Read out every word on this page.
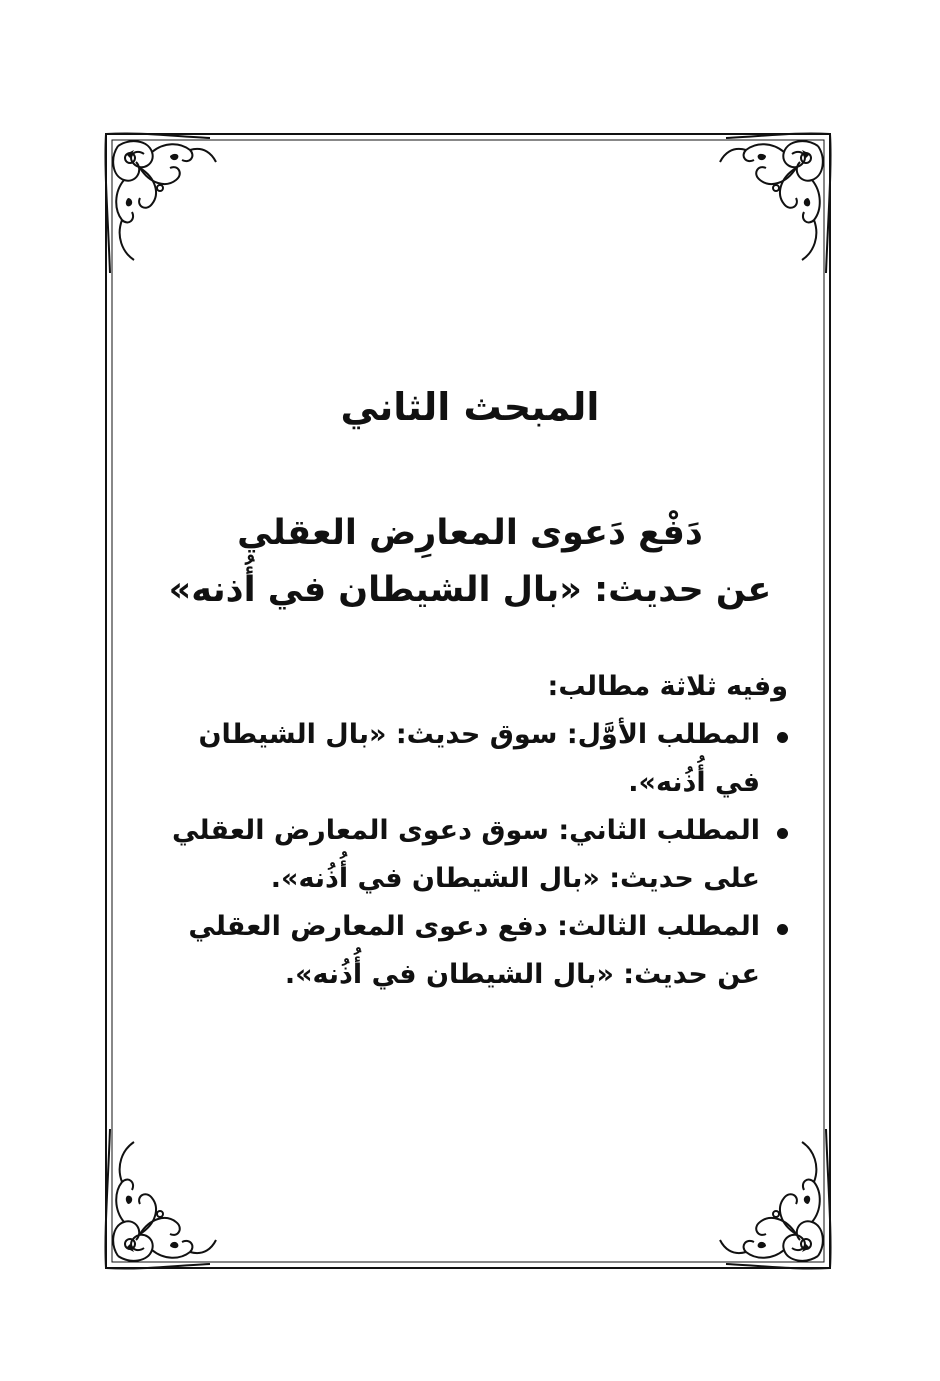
المبحث الثاني
دَفْع دَعوى المعارِض العقلي
عن حديث: «بال الشيطان في أُذنه»

وفيه ثلاثة مطالب:

المطلب الأوَّل: سوق حديث: «بال الشيطان في أُذُنه».

المطلب الثاني: سوق دعوى المعارض العقلي على حديث: «بال الشيطان في أُذُنه».

المطلب الثالث: دفع دعوى المعارض العقلي عن حديث: «بال الشيطان في أُذُنه».
